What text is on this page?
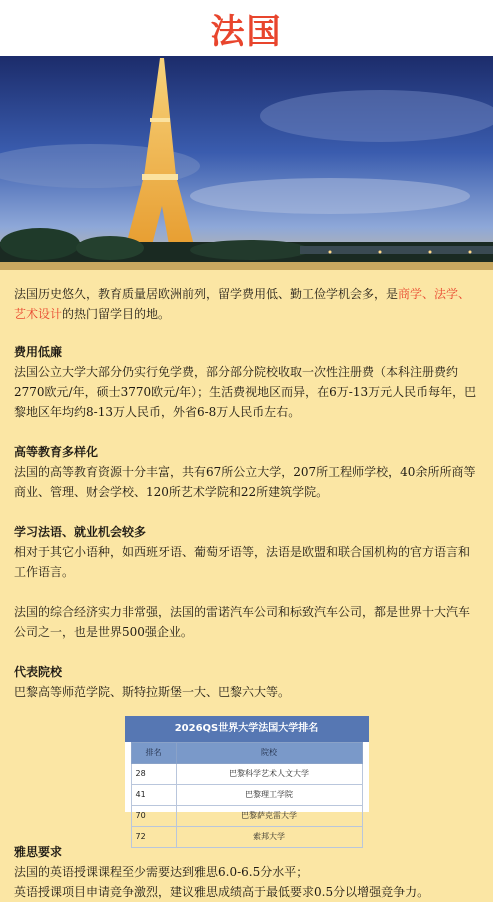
法国

法国历史悠久，教育质量居欧洲前列，留学费用低、勤工俭学机会多，是商学、法学、艺术设计的热门留学目的地。

费用低廉
法国公立大学大部分仍实行免学费，部分部分院校收取一次性注册费（本科注册费约2770欧元/年，硕士3770欧元/年）；生活费视地区而异，在6万-13万元人民币每年，巴黎地区年均约8-13万人民币，外省6-8万人民币左右。
高等教育多样化
法国的高等教育资源十分丰富，共有67所公立大学，207所工程师学校，40余所所商等商业、管理、财会学校、120所艺术学院和22所建筑学院。
学习法语、就业机会较多
相对于其它小语种，如西班牙语、葡萄牙语等，法语是欧盟和联合国机构的官方语言和工作语言。
法国的综合经济实力非常强，法国的雷诺汽车公司和标致汽车公司，都是世界十大汽车公司之一，也是世界500强企业。
代表院校
巴黎高等师范学院、斯特拉斯堡一大、巴黎六大等。
2026QS世界大学法国大学排名
排名	院校
28	巴黎科学艺术人文大学
41	巴黎理工学院
70	巴黎萨克雷大学
72	索邦大学
雅思要求
法国的英语授课课程至少需要达到雅思6.0-6.5分水平；
英语授课项目申请竞争激烈，建议雅思成绩高于最低要求0.5分以增强竞争力。
